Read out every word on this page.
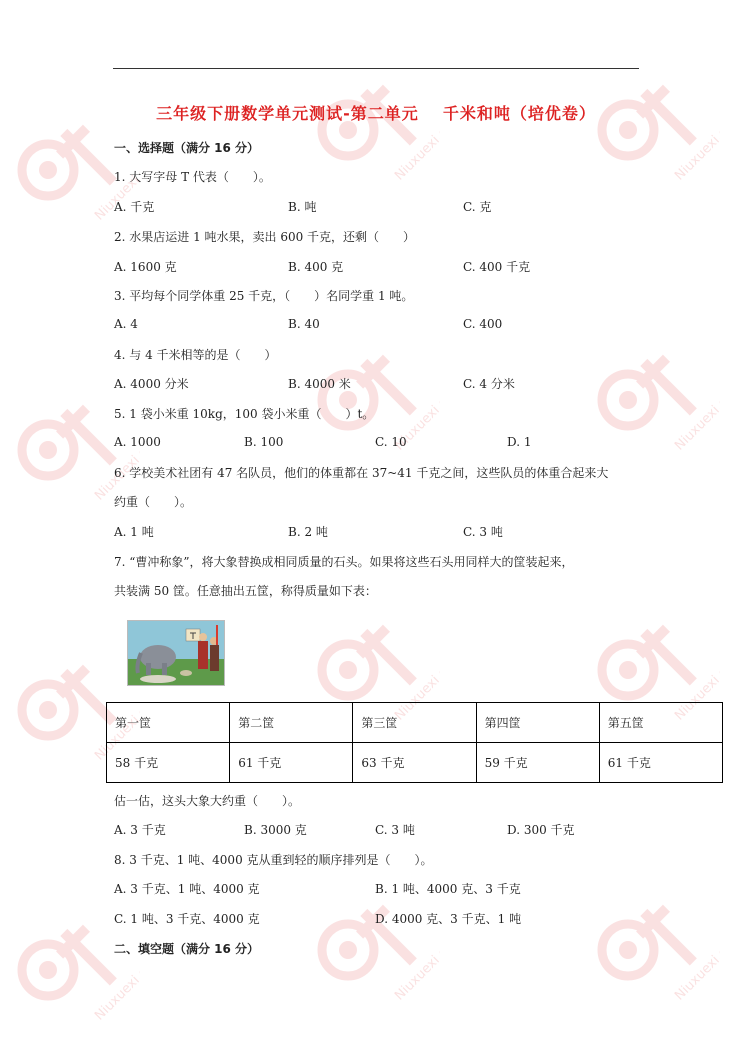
Niuxuexi.com
Niuxuexi.com	Niuxuexi.com
Niuxuexi.com
Niuxuexi.com	Niuxuexi.com
Niuxuexi.com
Niuxuexi.com	Niuxuexi.com
Niuxuexi.com	Niuxuexi.com	Niuxuexi.com
三年级下册数学单元测试-第二单元 千米和吨（培优卷）
一、选择题（满分 16 分）
1. 大写字母 T 代表（　　）。
A. 千克	B. 吨	C. 克
2. 水果店运进 1 吨水果，卖出 600 千克，还剩（　　）
A. 1600 克	B. 400 克	C. 400 千克
3. 平均每个同学体重 25 千克，（　　）名同学重 1 吨。
A. 4	B. 40	C. 400
4. 与 4 千米相等的是（　　）
A. 4000 分米	B. 4000 米	C. 4 分米
5. 1 袋小米重 10kg，100 袋小米重（　　）t。
A. 1000	B. 100	C. 10	D. 1
6. 学校美术社团有 47 名队员，他们的体重都在 37~41 千克之间，这些队员的体重合起来大
约重（　　）。
A. 1 吨	B. 2 吨	C. 3 吨
7. “曹冲称象”，将大象替换成相同质量的石头。如果将这些石头用同样大的筐装起来，
共装满 50 筐。任意抽出五筐，称得质量如下表：
第一筐	第二筐	第三筐	第四筐	第五筐
58 千克	61 千克	63 千克	59 千克	61 千克
估一估，这头大象大约重（　　）。
A. 3 千克	B. 3000 克	C. 3 吨	D. 300 千克
8. 3 千克、1 吨、4000 克从重到轻的顺序排列是（　　）。
A. 3 千克、1 吨、4000 克	B. 1 吨、4000 克、3 千克
C. 1 吨、3 千克、4000 克	D. 4000 克、3 千克、1 吨
二、填空题（满分 16 分）
